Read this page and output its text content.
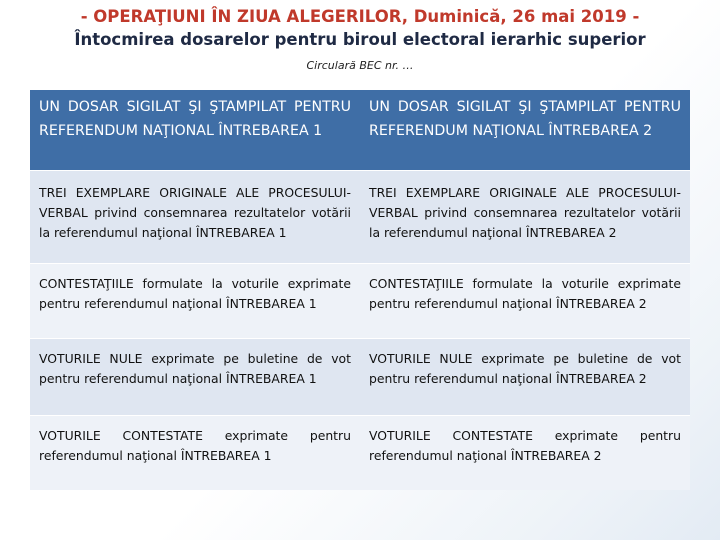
- OPERAŢIUNI ÎN ZIUA ALEGERILOR, Duminică, 26 mai 2019 -
Întocmirea dosarelor pentru biroul electoral ierarhic superior
Circulară BEC nr. …
UN DOSAR SIGILAT ŞI ŞTAMPILAT PENTRU REFERENDUM NAŢIONAL ÎNTREBAREA 1
UN DOSAR SIGILAT ŞI ŞTAMPILAT PENTRU REFERENDUM NAŢIONAL ÎNTREBAREA 2
TREI EXEMPLARE ORIGINALE ALE PROCESULUI-VERBAL privind consemnarea rezultatelor votării la referendumul naţional ÎNTREBAREA 1
TREI EXEMPLARE ORIGINALE ALE PROCESULUI-VERBAL privind consemnarea rezultatelor votării la referendumul naţional ÎNTREBAREA 2
CONTESTAŢIILE formulate la voturile exprimate pentru referendumul naţional ÎNTREBAREA 1
CONTESTAŢIILE formulate la voturile exprimate pentru referendumul naţional ÎNTREBAREA 2
VOTURILE NULE exprimate pe buletine de vot pentru referendumul naţional ÎNTREBAREA 1
VOTURILE NULE exprimate pe buletine de vot pentru referendumul naţional ÎNTREBAREA 2
VOTURILE CONTESTATE exprimate pentru referendumul naţional ÎNTREBAREA 1
VOTURILE CONTESTATE exprimate pentru referendumul naţional ÎNTREBAREA 2
